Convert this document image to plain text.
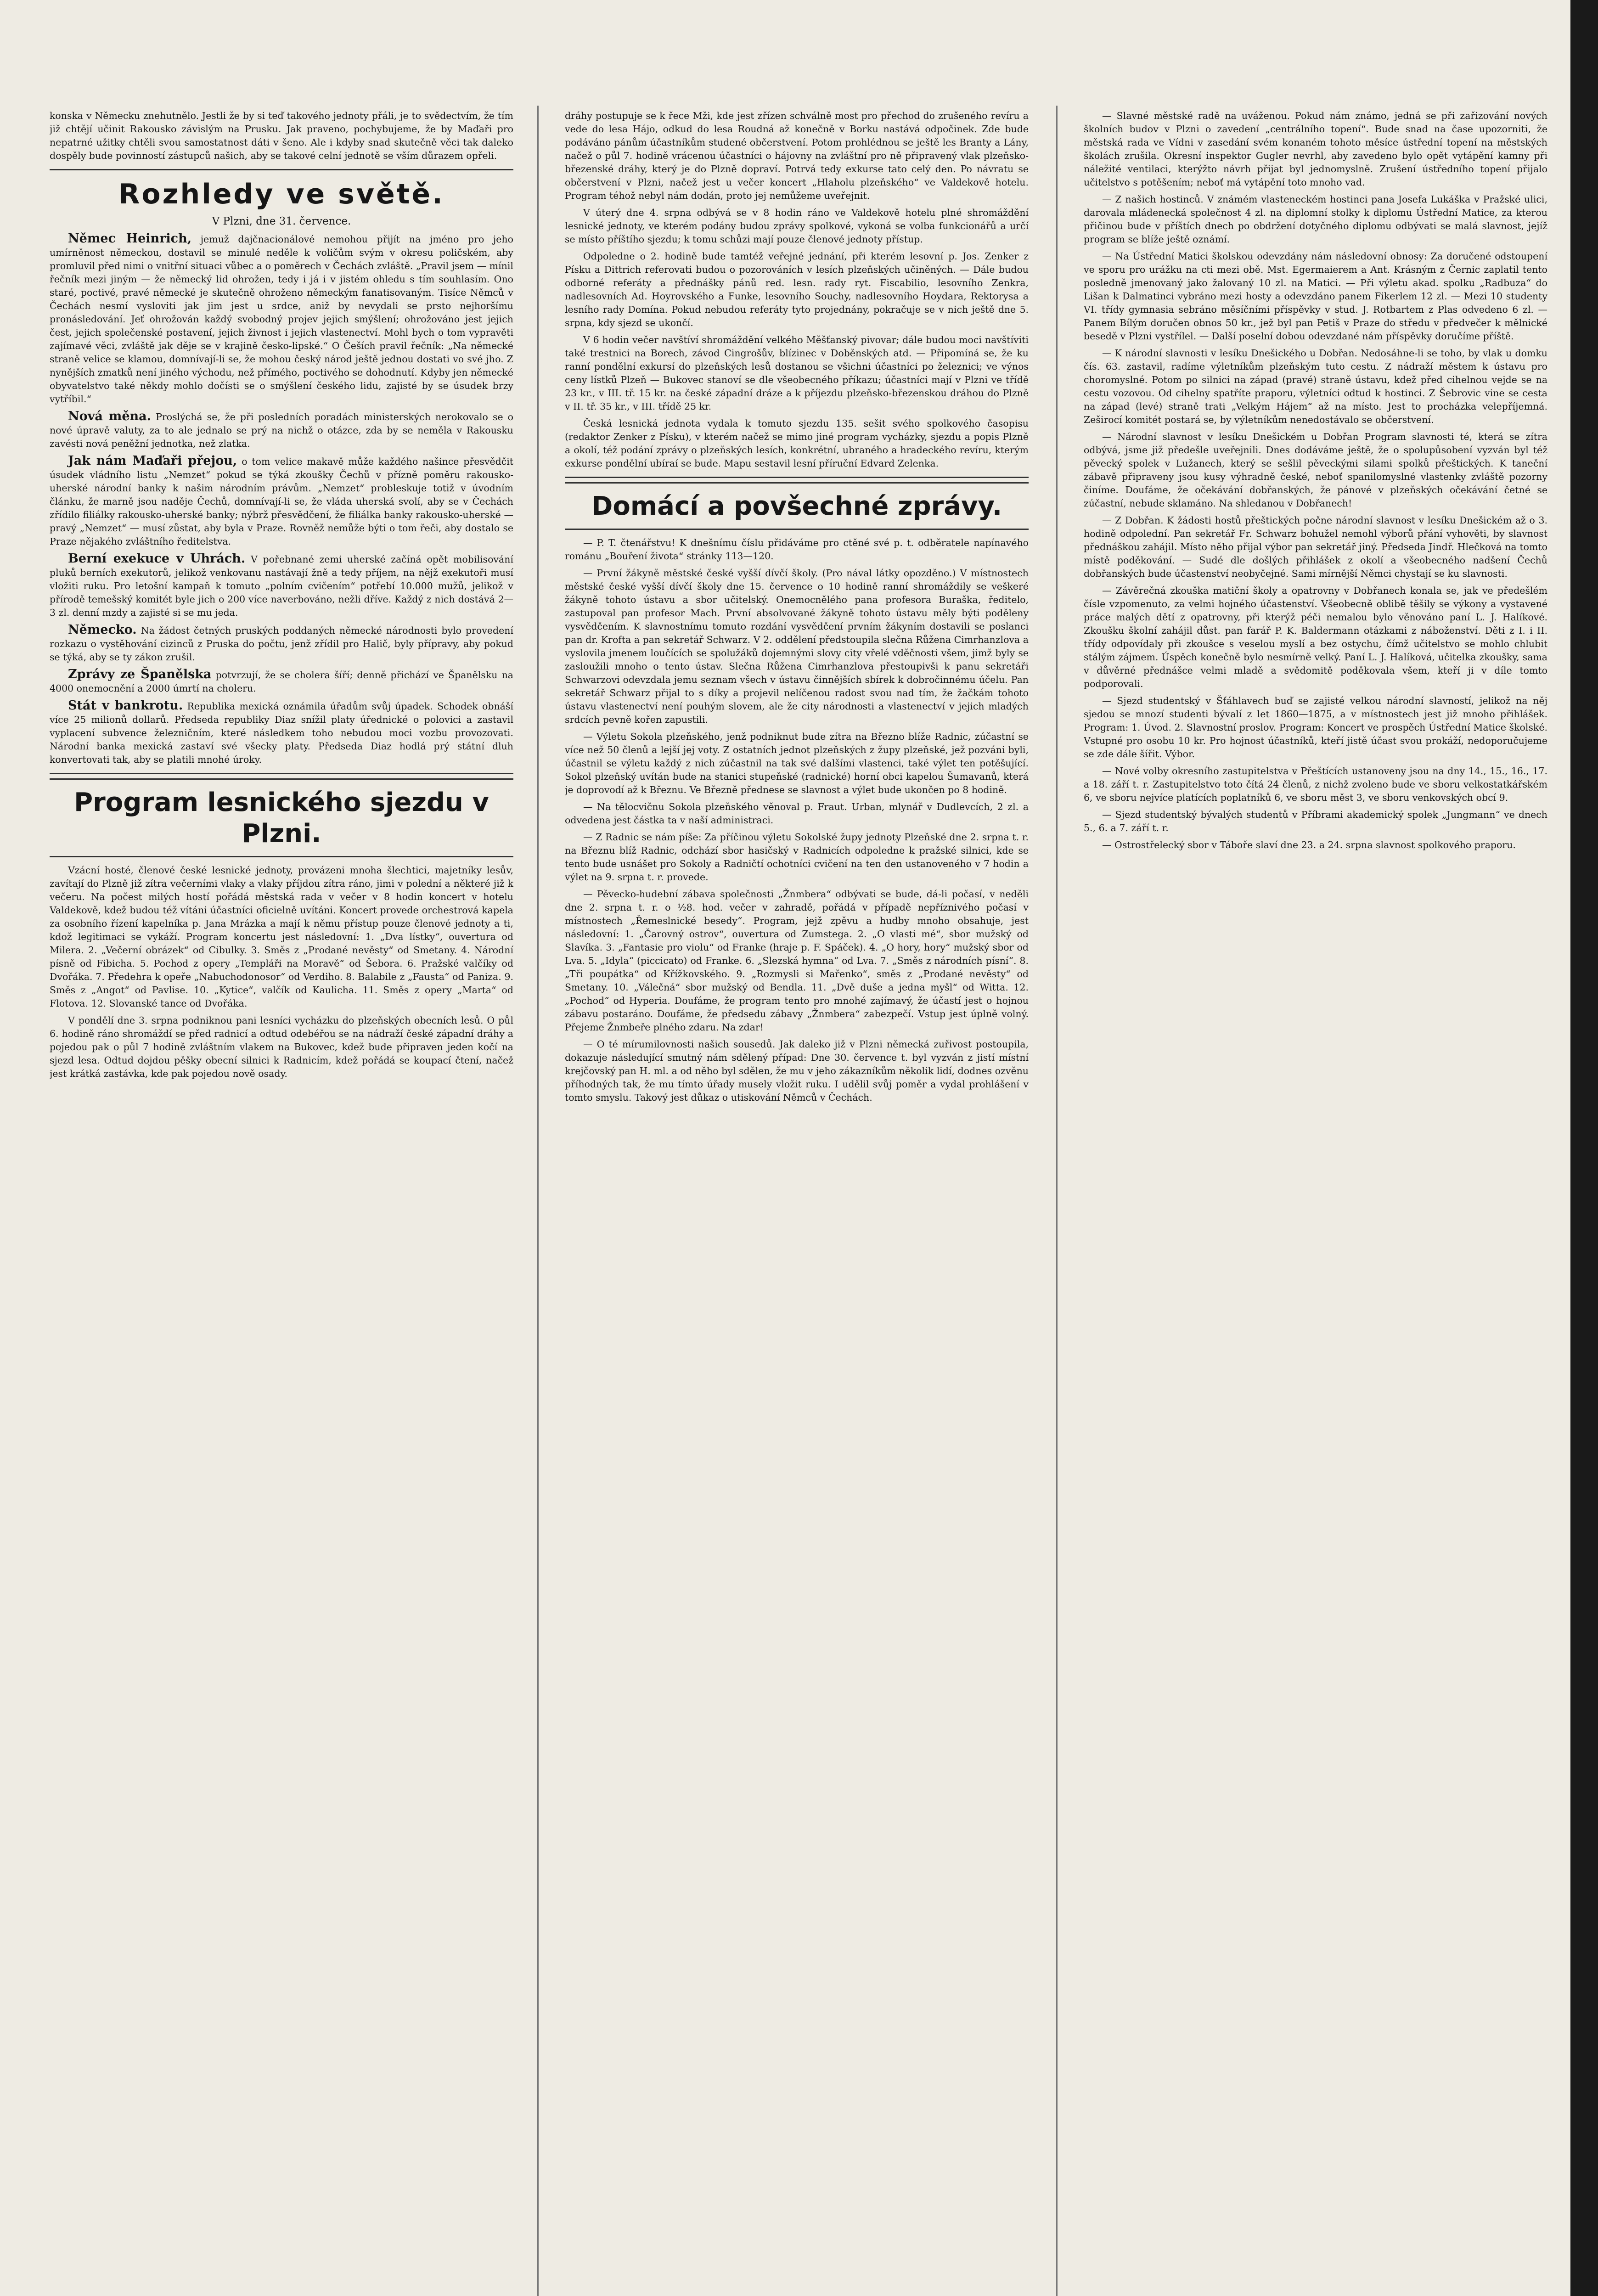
konska v Německu znehutnělo. Jestli že by si teď takového jednoty přáli, je to svědectvím, že tím již chtějí učinit Rakousko závislým na Prusku. Jak praveno, pochybujeme, že by Maďaři pro nepatrné užitky chtěli svou samostatnost dáti v šeno. Ale i kdyby snad skutečně věci tak daleko dospěly bude povinností zástupců našich, aby se takové celní jednotě se vším důrazem opřeli.

Rozhledy ve světě.
V Plzni, dne 31. července.

Němec Heinrich, jemuž dajčnacionálové nemohou přijít na jméno pro jeho umírněnost německou, dostavil se minulé neděle k voličům svým v okresu poličském, aby promluvil před nimi o vnitřní situaci vůbec a o poměrech v Čechách zvláště. „Pravil jsem — mínil řečník mezi jiným — že německý lid ohrožen, tedy i já i v jistém ohledu s tím souhlasím. Ono staré, poctivé, pravé německé je skutečně ohroženo německým fanatisovaným. Tisíce Němců v Čechách nesmí vysloviti jak jim jest u srdce, aniž by nevydali se prsto nejhoršímu pronásledování. Jeť ohrožován každý svobodný projev jejich smýšlení; ohrožováno jest jejich čest, jejich společenské postavení, jejich živnost i jejich vlastenectví. Mohl bych o tom vypravěti zajímavé věci, zvláště jak děje se v krajině česko-lipské.“ O Češích pravil řečník: „Na německé straně velice se klamou, domnívají-li se, že mohou český národ ještě jednou dostati vo své jho. Z nynějších zmatků není jiného východu, než přímého, poctivého se dohodnutí. Kdyby jen německé obyvatelstvo také někdy mohlo dočísti se o smýšlení českého lidu, zajisté by se úsudek brzy vytříbil.“

Nová měna. Proslýchá se, že při posledních poradách ministerských nerokovalo se o nové úpravě valuty, za to ale jednalo se prý na nichž o otázce, zda by se neměla v Rakousku zavésti nová peněžní jednotka, než zlatka.

Jak nám Maďaři přejou, o tom velice makavě může každého našince přesvědčit úsudek vládního listu „Nemzet“ pokud se týká zkoušky Čechů v přízně poměru rakousko-uherské národní banky k našim národním právům. „Nemzet“ probleskuje totiž v úvodním článku, že marně jsou naděje Čechů, domnívají-li se, že vláda uherská svolí, aby se v Čechách zřídilo filiálky rakousko-uherské banky; nýbrž přesvědčení, že filiálka banky rakousko-uherské — pravý „Nemzet“ — musí zůstat, aby byla v Praze. Rovněž nemůže býti o tom řeči, aby dostalo se Praze nějakého zvláštního ředitelstva.

Berní exekuce v Uhrách. V pořebnané zemi uherské začíná opět mobilisování pluků berních exekutorů, jelikož venkovanu nastávají žně a tedy příjem, na nějž exekutoři musí vložiti ruku. Pro letošní kampaň k tomuto „polním cvičením“ potřebí 10.000 mužů, jelikož v přírodě temešský komitét byle jich o 200 více naverbováno, nežli dříve. Každý z nich dostává 2—3 zl. denní mzdy a zajisté si se mu jeda.

Německo. Na žádost četných pruských poddaných německé národnosti bylo provedení rozkazu o vystěhování cizinců z Pruska do počtu, jenž zřídil pro Halič, byly přípravy, aby pokud se týká, aby se ty zákon zrušil.

Zprávy ze Španělska potvrzují, že se cholera šíří; denně přichází ve Španělsku na 4000 onemocnění a 2000 úmrtí na choleru.

Stát v bankrotu. Republika mexická oznámila úřadům svůj úpadek. Schodek obnáší více 25 milionů dollarů. Předseda republiky Diaz snížil platy úřednické o polovici a zastavil vyplacení subvence železničním, které následkem toho nebudou moci vozbu provozovati. Národní banka mexická zastaví své všecky platy. Předseda Diaz hodlá prý státní dluh konvertovati tak, aby se platili mnohé úroky.

Program lesnického sjezdu v Plzni.

Vzácní hosté, členové české lesnické jednoty, provázeni mnoha šlechtici, majetníky lesův, zavítají do Plzně již zítra večerními vlaky a vlaky příjdou zítra ráno, jimi v polední a některé již k večeru. Na počest milých hostí pořádá městská rada v večer v 8 hodin koncert v hotelu Valdekově, kdež budou též vítáni účastníci oficielně uvítáni. Koncert provede orchestrová kapela za osobního řízení kapelníka p. Jana Mrázka a mají k němu přístup pouze členové jednoty a ti, kdož legitimaci se vykáží. Program koncertu jest následovní: 1. „Dva lístky“, ouvertura od Milera. 2. „Večerní obrázek“ od Cibulky. 3. Směs z „Prodané nevěsty“ od Smetany. 4. Národní písně od Fibicha. 5. Pochod z opery „Templáři na Moravě“ od Šebora. 6. Pražské valčíky od Dvořáka. 7. Předehra k opeře „Nabuchodonosor“ od Verdiho. 8. Balabile z „Fausta“ od Paniza. 9. Směs z „Angot“ od Pavlise. 10. „Kytice“, valčík od Kaulicha. 11. Směs z opery „Marta“ od Flotova. 12. Slovanské tance od Dvořáka.

V pondělí dne 3. srpna podniknou pani lesníci vycházku do plzeňských obecních lesů. O půl 6. hodině ráno shromáždí se před radnicí a odtud odebéřou se na nádraží české západní dráhy a pojedou pak o půl 7 hodině zvláštním vlakem na Bukovec, kdež bude připraven jeden kočí na sjezd lesa. Odtud dojdou pěšky obecní silnici k Radnicím, kdež pořádá se koupací čtení, načež jest krátká zastávka, kde pak pojedou nově osady.

dráhy postupuje se k řece Mži, kde jest zřízen schválně most pro přechod do zrušeného revíru a vede do lesa Hájo, odkud do lesa Roudná až konečně v Borku nastává odpočinek. Zde bude podáváno pánům účastníkům studené občerstvení. Potom prohlédnou se ještě les Branty a Lány, načež o půl 7. hodině vrácenou účastníci o hájovny na zvláštní pro ně připravený vlak plzeňsko-březenské dráhy, který je do Plzně dopraví. Potrvá tedy exkurse tato celý den. Po návratu se občerstvení v Plzni, načež jest u večer koncert „Hlaholu plzeňského“ ve Valdekově hotelu. Program téhož nebyl nám dodán, proto jej nemůžeme uveřejnit.

V úterý dne 4. srpna odbývá se v 8 hodin ráno ve Valdekově hotelu plné shromáždění lesnické jednoty, ve kterém podány budou zprávy spolkové, vykoná se volba funkcionářů a určí se místo příštího sjezdu; k tomu schůzi mají pouze členové jednoty přístup.

Odpoledne o 2. hodině bude tamtéž veřejné jednání, při kterém lesovní p. Jos. Zenker z Písku a Dittrich referovati budou o pozorováních v lesích plzeňských učiněných. — Dále budou odborné referáty a přednášky pánů red. lesn. rady ryt. Fiscabilio, lesovního Zenkra, nadlesovních Ad. Hoyrovského a Funke, lesovního Souchy, nadlesovního Hoydara, Rektorysa a lesního rady Domína. Pokud nebudou referáty tyto projednány, pokračuje se v nich ještě dne 5. srpna, kdy sjezd se ukončí.

V 6 hodin večer navštíví shromáždění velkého Měšťanský pivovar; dále budou moci navštíviti také trestnici na Borech, závod Cingrošův, blízinec v Doběnských atd. — Připomíná se, že ku ranní pondělní exkursí do plzeňských lesů dostanou se všichni účastníci po železnici; ve výnos ceny lístků Plzeň — Bukovec stanoví se dle všeobecného příkazu; účastníci mají v Plzni ve třídě 23 kr., v III. tř. 15 kr. na české západní dráze a k příjezdu plzeňsko-březenskou dráhou do Plzně v II. tř. 35 kr., v III. třídě 25 kr.

Česká lesnická jednota vydala k tomuto sjezdu 135. sešit svého spolkového časopisu (redaktor Zenker z Písku), v kterém načež se mimo jiné program vycházky, sjezdu a popis Plzně a okolí, též podání zprávy o plzeňských lesích, konkrétní, ubraného a hradeckého revíru, kterým exkurse pondělní ubíraí se bude. Mapu sestavil lesní příruční Edvard Zelenka.

Domácí a povšechné zprávy.

— P. T. čtenářstvu! K dnešnímu číslu přidáváme pro ctěné své p. t. odběratele napínavého románu „Bouření života“ stránky 113—120.

— První žákyně městské české vyšší dívčí školy. (Pro nával látky opozděno.) V místnostech městské české vyšší dívčí školy dne 15. července o 10 hodině ranní shromáždily se veškeré žákyně tohoto ústavu a sbor učitelský. Onemocnělého pana profesora Buraška, ředitelo, zastupoval pan profesor Mach. První absolvované žákyně tohoto ústavu měly býti poděleny vysvědčením. K slavnostnímu tomuto rozdání vysvědčení prvním žákyním dostavili se poslanci pan dr. Krofta a pan sekretář Schwarz. V 2. oddělení předstoupila slečna Růžena Cimrhanzlova a vyslovila jmenem loučících se spolužáků dojemnými slovy city vřelé vděčnosti všem, jimž byly se zasloužili mnoho o tento ústav. Slečna Růžena Cimrhanzlova přestoupivši k panu sekretáři Schwarzovi odevzdala jemu seznam všech v ústavu činnějších sbírek k dobročinnému účelu. Pan sekretář Schwarz přijal to s díky a projevil nelíčenou radost svou nad tím, že žačkám tohoto ústavu vlastenectví není pouhým slovem, ale že city národnosti a vlastenectví v jejich mladých srdcích pevně kořen zapustili.

— Výletu Sokola plzeňského, jenž podniknut bude zítra na Březno blíže Radnic, zúčastní se více než 50 členů a lejší jej voty. Z ostatních jednot plzeňských z župy plzeňské, jež pozváni byli, účastnil se výletu každý z nich zúčastnil na tak své dalšími vlastenci, také výlet ten potěšující. Sokol plzeňský uvítán bude na stanici stupeňské (radnické) horní obci kapelou Šumavanů, která je doprovodí až k Březnu. Ve Březně přednese se slavnost a výlet bude ukončen po 8 hodině.

— Na tělocvičnu Sokola plzeňského věnoval p. Fraut. Urban, mlynář v Dudlevcích, 2 zl. a odvedena jest částka ta v naší administraci.

— Z Radnic se nám píše: Za příčinou výletu Sokolské župy jednoty Plzeňské dne 2. srpna t. r. na Březnu blíž Radnic, odchází sbor hasičský v Radnicích odpoledne k pražské silnici, kde se tento bude usnášet pro Sokoly a Radničtí ochotníci cvičení na ten den ustanoveného v 7 hodin a výlet na 9. srpna t. r. provede.

— Pěvecko-hudební zábava společnosti „Žnmbera“ odbývati se bude, dá-li počasí, v neděli dne 2. srpna t. r. o ½8. hod. večer v zahradě, pořádá v případě nepříznivého počasí v místnostech „Řemeslnické besedy“. Program, jejž zpěvu a hudby mnoho obsahuje, jest následovní: 1. „Čarovný ostrov“, ouvertura od Zumstega. 2. „O vlasti mé“, sbor mužský od Slavíka. 3. „Fantasie pro violu“ od Franke (hraje p. F. Spáček). 4. „O hory, hory“ mužský sbor od Lva. 5. „Idyla“ (piccicato) od Franke. 6. „Slezská hymna“ od Lva. 7. „Směs z národních písní“. 8. „Tři poupátka“ od Křížkovského. 9. „Rozmysli si Mařenko“, směs z „Prodané nevěsty“ od Smetany. 10. „Válečná“ sbor mužský od Bendla. 11. „Dvě duše a jedna myšl“ od Witta. 12. „Pochod“ od Hyperia. Doufáme, že program tento pro mnohé zajímavý, že účastí jest o hojnou zábavu postaráno. Doufáme, že předsedu zábavy „Žnmbera“ zabezpečí. Vstup jest úplně volný. Přejeme Žnmbeře plného zdaru. Na zdar!

— O té mírumilovnosti našich sousedů. Jak daleko již v Plzni německá zuřivost postoupila, dokazuje následující smutný nám sdělený případ: Dne 30. července t. byl vyzván z jistí místní krejčovský pan H. ml. a od něho byl sdělen, že mu v jeho zákazníkům několik lidí, dodnes ozvěnu příhodných tak, že mu tímto úřady musely vložit ruku. I udělil svůj poměr a vydal prohlášení v tomto smyslu. Takový jest důkaz o utiskování Němců v Čechách.

— Slavné městské radě na uváženou. Pokud nám známo, jedná se při zařizování nových školních budov v Plzni o zavedení „centrálního topení“. Bude snad na čase upozorniti, že městská rada ve Vídni v zasedání svém konaném tohoto měsíce ústřední topení na městských školách zrušila. Okresní inspektor Gugler nevrhl, aby zavedeno bylo opět vytápění kamny při náležité ventilaci, kterýžto návrh přijat byl jednomyslně. Zrušení ústředního topení přijalo učitelstvo s potěšením; neboť má vytápění toto mnoho vad.

— Z našich hostinců. V známém vlasteneckém hostinci pana Josefa Lukáška v Pražské ulici, darovala mládenecká společnost 4 zl. na diplomní stolky k diplomu Ústřední Matice, za kterou přičinou bude v příštích dnech po obdržení dotyčného diplomu odbývati se malá slavnost, jejíž program se blíže ještě oznámí.

— Na Ústřední Matici školskou odevzdány nám následovní obnosy: Za doručené odstoupení ve sporu pro urážku na cti mezi obě. Mst. Egermaierem a Ant. Krásným z Černic zaplatil tento posledně jmenovaný jako žalovaný 10 zl. na Matici. — Při výletu akad. spolku „Radbuza“ do Lišan k Dalmatinci vybráno mezi hosty a odevzdáno panem Fikerlem 12 zl. — Mezi 10 studenty VI. třídy gymnasia sebráno měsíčními příspěvky v stud. J. Rotbartem z Plas odvedeno 6 zl. — Panem Bílým doručen obnos 50 kr., jež byl pan Petiš v Praze do středu v předvečer k mělnické besedě v Plzni vystřílel. — Další poselní dobou odevzdané nám příspěvky doručíme příště.

— K národní slavnosti v lesíku Dnešického u Dobřan. Nedosáhne-li se toho, by vlak u domku čís. 63. zastavil, radíme výletníkům plzeňským tuto cestu. Z nádraží městem k ústavu pro choromyslné. Potom po silnici na západ (pravé) straně ústavu, kdež před cihelnou vejde se na cestu vozovou. Od cihelny spatříte praporu, výletníci odtud k hostinci. Z Šebrovic vine se cesta na západ (levé) straně trati „Velkým Hájem“ až na místo. Jest to procházka velepříjemná. Zeširocí komitét postará se, by výletníkům nenedostávalo se občerstvení.

— Národní slavnost v lesíku Dnešickém u Dobřan Program slavnosti té, která se zítra odbývá, jsme již předešle uveřejnili. Dnes dodáváme ještě, že o spolupůsobení vyzván byl též pěvecký spolek v Lužanech, který se sešlil pěveckými silami spolků přeštických. K taneční zábavě připraveny jsou kusy výhradně české, neboť spanilomyslné vlastenky zvláště pozorny činíme. Doufáme, že očekávání dobřanských, že pánové v plzeňských očekávání četné se zúčastní, nebude sklamáno. Na shledanou v Dobřanech!

— Z Dobřan. K žádosti hostů přeštických počne národní slavnost v lesíku Dnešickém až o 3. hodině odpolední. Pan sekretář Fr. Schwarz bohužel nemohl výborů přání vyhověti, by slavnost přednáškou zahájil. Místo něho přijal výbor pan sekretář jiný. Předseda Jindř. Hlečková na tomto místě poděkování. — Sudé dle došlých přihlášek z okolí a všeobecného nadšení Čechů dobřanských bude účastenství neobyčejné. Sami mírnější Němci chystají se ku slavnosti.

— Závěrečná zkouška matiční školy a opatrovny v Dobřanech konala se, jak ve předešlém čísle vzpomenuto, za velmi hojného účastenství. Všeobecně oblibě těšily se výkony a vystavené práce malých dětí z opatrovny, při kterýž péči nemalou bylo věnováno paní L. J. Halíkové. Zkoušku školní zahájil důst. pan farář P. K. Baldermann otázkami z náboženství. Děti z I. i II. třídy odpovídaly při zkoušce s veselou myslí a bez ostychu, čímž učitelstvo se mohlo chlubit stálým zájmem. Úspěch konečně bylo nesmírně velký. Paní L. J. Halíková, učitelka zkoušky, sama v důvěrné přednášce velmi mladě a svědomitě poděkovala všem, kteří ji v díle tomto podporovali.

— Sjezd studentský v Šťáhlavech buď se zajisté velkou národní slavností, jelikož na něj sjedou se mnozí studenti bývalí z let 1860—1875, a v místnostech jest již mnoho přihlášek. Program: 1. Úvod. 2. Slavnostní proslov. Program: Koncert ve prospěch Ústřední Matice školské. Vstupné pro osobu 10 kr. Pro hojnost účastníků, kteří jistě účast svou prokáží, nedoporučujeme se zde dále šířit. Výbor.

— Nové volby okresního zastupitelstva v Přeštících ustanoveny jsou na dny 14., 15., 16., 17. a 18. září t. r. Zastupitelstvo toto čítá 24 členů, z nichž zvoleno bude ve sboru velkostatkářském 6, ve sboru nejvíce platících poplatníků 6, ve sboru měst 3, ve sboru venkovských obcí 9.

— Sjezd studentský bývalých studentů v Příbrami akademický spolek „Jungmann“ ve dnech 5., 6. a 7. září t. r.

— Ostrostřelecký sbor v Táboře slaví dne 23. a 24. srpna slavnost spolkového praporu.
